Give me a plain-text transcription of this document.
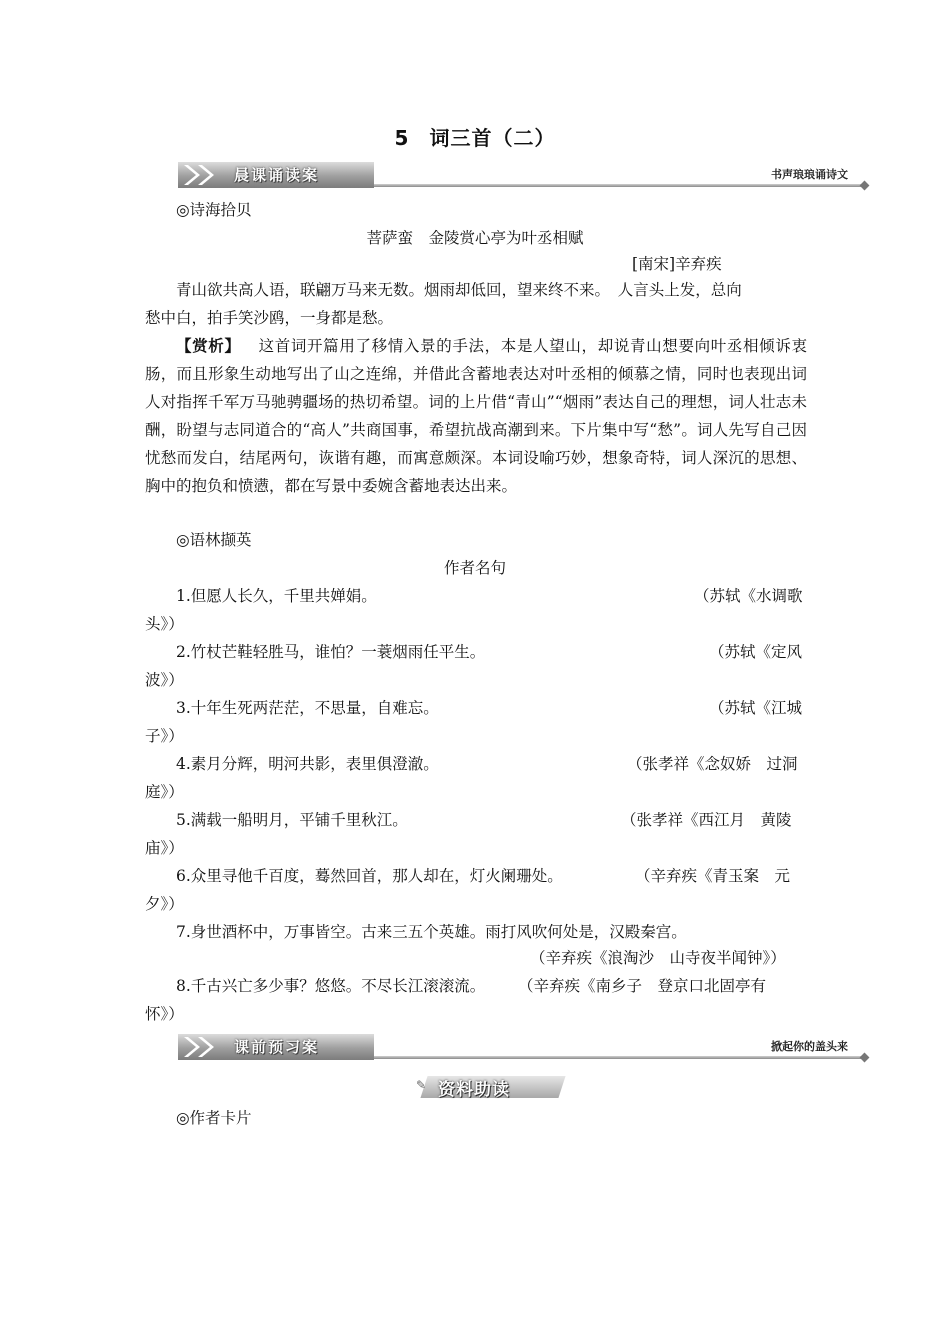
5 词三首（二）
晨课诵读案	书声琅琅诵诗文
◎诗海拾贝
菩萨蛮　金陵赏心亭为叶丞相赋
[南宋]辛弃疾
青山欲共高人语，联翩万马来无数。烟雨却低回，望来终不来。　人言头上发，总向
愁中白，拍手笑沙鸥，一身都是愁。
【赏析】 这首词开篇用了移情入景的手法，本是人望山，却说青山想要向叶丞相倾诉衷肠，而且形象生动地写出了山之连绵，并借此含蓄地表达对叶丞相的倾慕之情，同时也表现出词人对指挥千军万马驰骋疆场的热切希望。词的上片借“青山”“烟雨”表达自己的理想，词人壮志未酬，盼望与志同道合的“高人”共商国事，希望抗战高潮到来。下片集中写“愁”。词人先写自己因忧愁而发白，结尾两句，诙谐有趣，而寓意颇深。本词设喻巧妙，想象奇特，词人深沉的思想、胸中的抱负和愤懑，都在写景中委婉含蓄地表达出来。
◎语林撷英
作者名句
1.但愿人长久，千里共婵娟。	（苏轼《水调歌
头》）
2.竹杖芒鞋轻胜马，谁怕？一蓑烟雨任平生。	（苏轼《定风
波》）
3.十年生死两茫茫，不思量，自难忘。	（苏轼《江城
子》）
4.素月分辉，明河共影，表里俱澄澈。	（张孝祥《念奴娇　过洞
庭》）
5.满载一船明月，平铺千里秋江。	（张孝祥《西江月　黄陵
庙》）
6.众里寻他千百度，蓦然回首，那人却在，灯火阑珊处。	（辛弃疾《青玉案　元
夕》）
7.身世酒杯中，万事皆空。古来三五个英雄。雨打风吹何处是，汉殿秦宫。
（辛弃疾《浪淘沙　山寺夜半闻钟》）
8.千古兴亡多少事？悠悠。不尽长江滚滚流。 （辛弃疾《南乡子　登京口北固亭有
怀》）
课前预习案	掀起你的盖头来
✎ 资料助读
◎作者卡片
